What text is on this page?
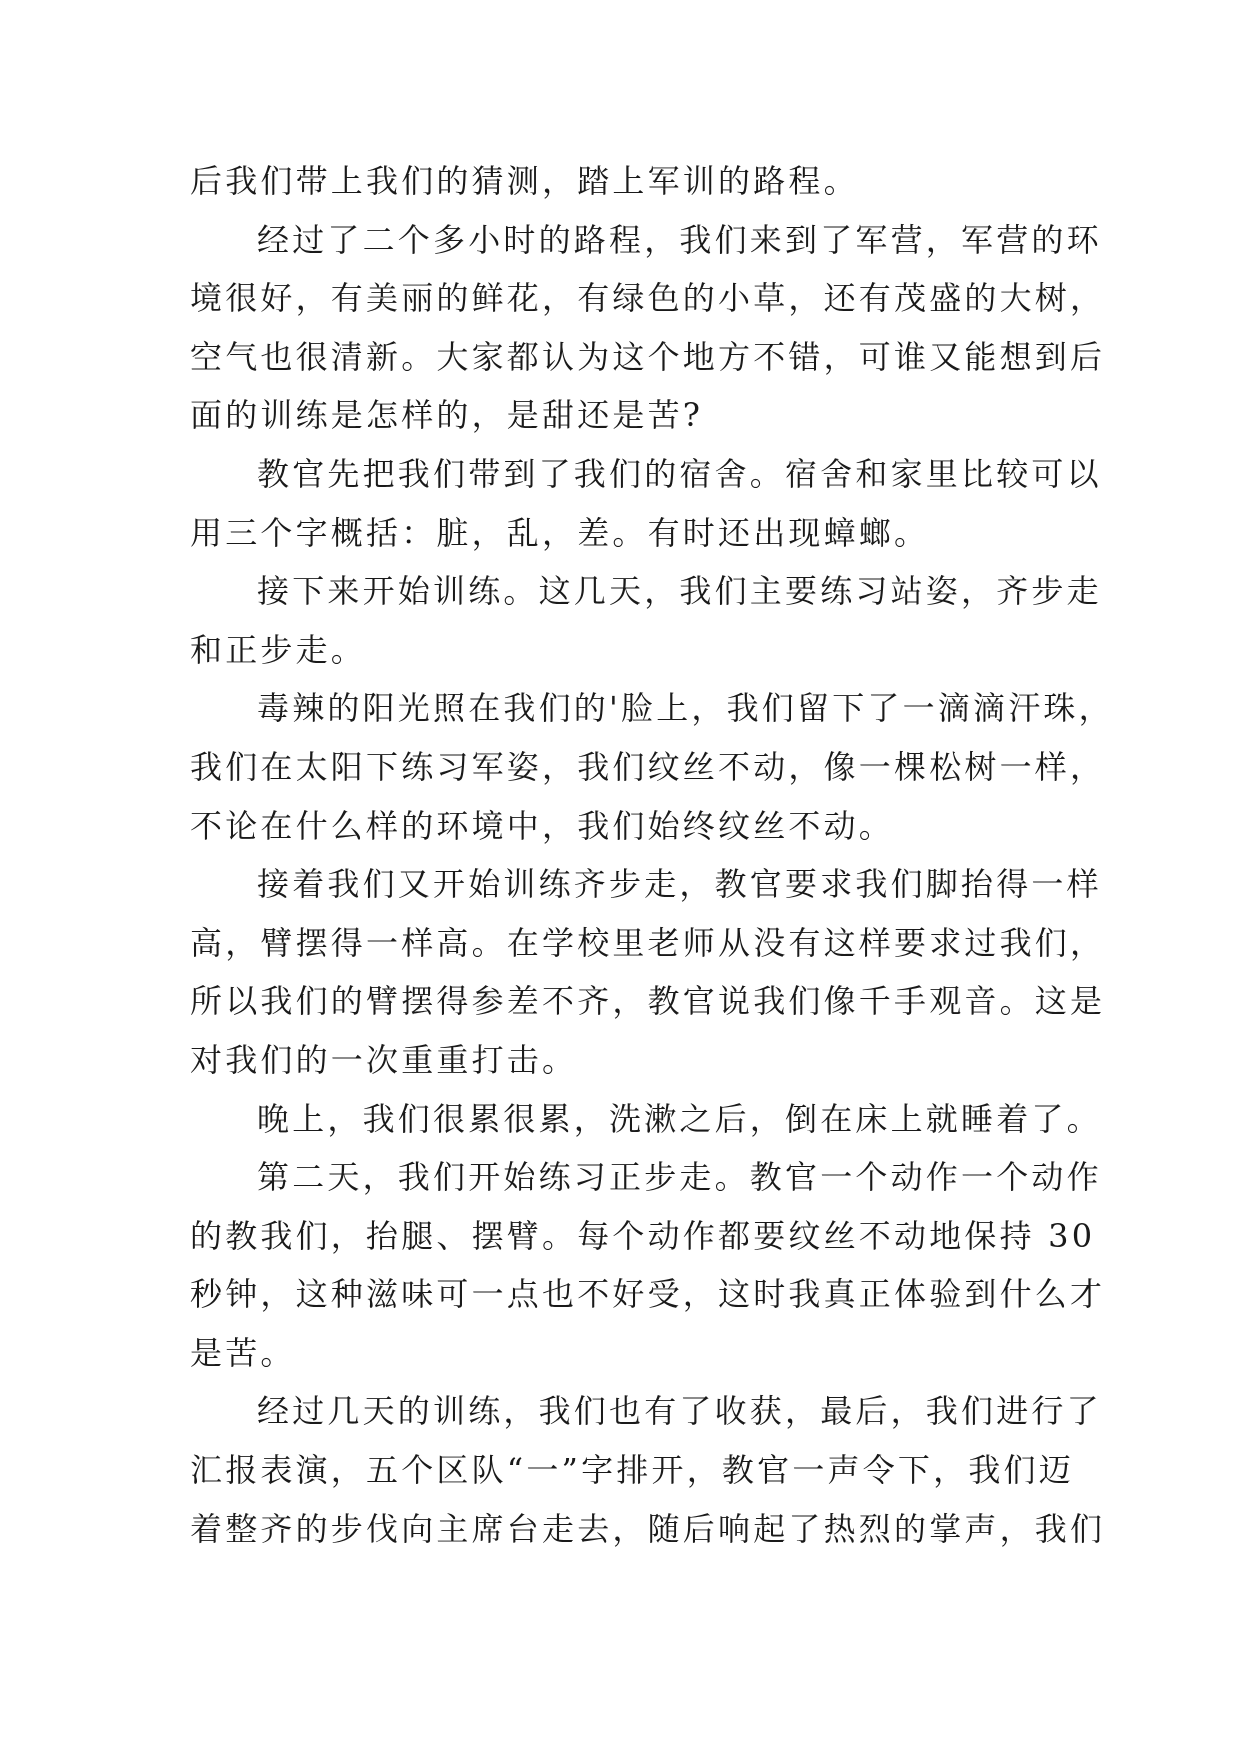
后我们带上我们的猜测，踏上军训的路程。
经过了二个多小时的路程，我们来到了军营，军营的环
境很好，有美丽的鲜花，有绿色的小草，还有茂盛的大树，
空气也很清新。大家都认为这个地方不错，可谁又能想到后
面的训练是怎样的，是甜还是苦?
教官先把我们带到了我们的宿舍。宿舍和家里比较可以
用三个字概括：脏，乱，差。有时还出现蟑螂。
接下来开始训练。这几天，我们主要练习站姿，齐步走
和正步走。
毒辣的阳光照在我们的'脸上，我们留下了一滴滴汗珠，
我们在太阳下练习军姿，我们纹丝不动，像一棵松树一样，
不论在什么样的环境中，我们始终纹丝不动。
接着我们又开始训练齐步走，教官要求我们脚抬得一样
高，臂摆得一样高。在学校里老师从没有这样要求过我们，
所以我们的臂摆得参差不齐，教官说我们像千手观音。这是
对我们的一次重重打击。
晚上，我们很累很累，洗漱之后，倒在床上就睡着了。
第二天，我们开始练习正步走。教官一个动作一个动作
的教我们，抬腿、摆臂。每个动作都要纹丝不动地保持 30
秒钟，这种滋味可一点也不好受，这时我真正体验到什么才
是苦。
经过几天的训练，我们也有了收获，最后，我们进行了
汇报表演，五个区队“一”字排开，教官一声令下，我们迈
着整齐的步伐向主席台走去，随后响起了热烈的掌声，我们
